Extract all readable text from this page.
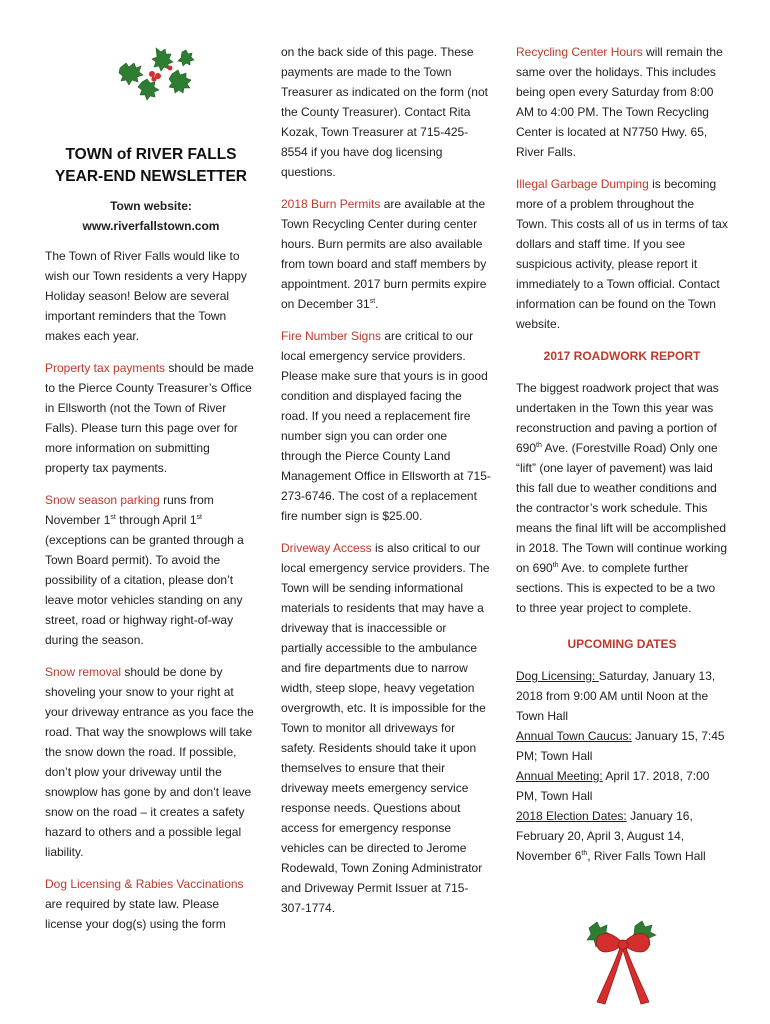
TOWN of RIVER FALLS
YEAR-END NEWSLETTER
Town website:
www.riverfallstown.com

The Town of River Falls would like to wish our Town residents a very Happy Holiday season! Below are several important reminders that the Town makes each year.

Property tax payments should be made to the Pierce County Treasurer’s Office in Ellsworth (not the Town of River Falls). Please turn this page over for more information on submitting property tax payments.

Snow season parking runs from November 1st through April 1st (exceptions can be granted through a Town Board permit). To avoid the possibility of a citation, please don’t leave motor vehicles standing on any street, road or highway right-of-way during the season.

Snow removal should be done by shoveling your snow to your right at your driveway entrance as you face the road. That way the snowplows will take the snow down the road. If possible, don’t plow your driveway until the snowplow has gone by and don’t leave snow on the road – it creates a safety hazard to others and a possible legal liability.

Dog Licensing & Rabies Vaccinations are required by state law. Please license your dog(s) using the form

on the back side of this page. These payments are made to the Town Treasurer as indicated on the form (not the County Treasurer). Contact Rita Kozak, Town Treasurer at 715-425-8554 if you have dog licensing questions.

2018 Burn Permits are available at the Town Recycling Center during center hours. Burn permits are also available from town board and staff members by appointment. 2017 burn permits expire on December 31st.

Fire Number Signs are critical to our local emergency service providers. Please make sure that yours is in good condition and displayed facing the road. If you need a replacement fire number sign you can order one through the Pierce County Land Management Office in Ellsworth at 715-273-6746. The cost of a replacement fire number sign is $25.00.

Driveway Access is also critical to our local emergency service providers. The Town will be sending informational materials to residents that may have a driveway that is inaccessible or partially accessible to the ambulance and fire departments due to narrow width, steep slope, heavy vegetation overgrowth, etc. It is impossible for the Town to monitor all driveways for safety. Residents should take it upon themselves to ensure that their driveway meets emergency service response needs. Questions about access for emergency response vehicles can be directed to Jerome Rodewald, Town Zoning Administrator and Driveway Permit Issuer at 715-307-1774.

Recycling Center Hours will remain the same over the holidays. This includes being open every Saturday from 8:00 AM to 4:00 PM. The Town Recycling Center is located at N7750 Hwy. 65, River Falls.

Illegal Garbage Dumping is becoming more of a problem throughout the Town. This costs all of us in terms of tax dollars and staff time. If you see suspicious activity, please report it immediately to a Town official. Contact information can be found on the Town website.

2017 ROADWORK REPORT

The biggest roadwork project that was undertaken in the Town this year was reconstruction and paving a portion of 690th Ave. (Forestville Road) Only one “lift” (one layer of pavement) was laid this fall due to weather conditions and the contractor’s work schedule. This means the final lift will be accomplished in 2018. The Town will continue working on 690th Ave. to complete further sections. This is expected to be a two to three year project to complete.

UPCOMING DATES

Dog Licensing: Saturday, January 13, 2018 from 9:00 AM until Noon at the Town Hall
Annual Town Caucus: January 15, 7:45 PM; Town Hall
Annual Meeting: April 17. 2018, 7:00 PM, Town Hall
2018 Election Dates: January 16, February 20, April 3, August 14, November 6th, River Falls Town Hall
